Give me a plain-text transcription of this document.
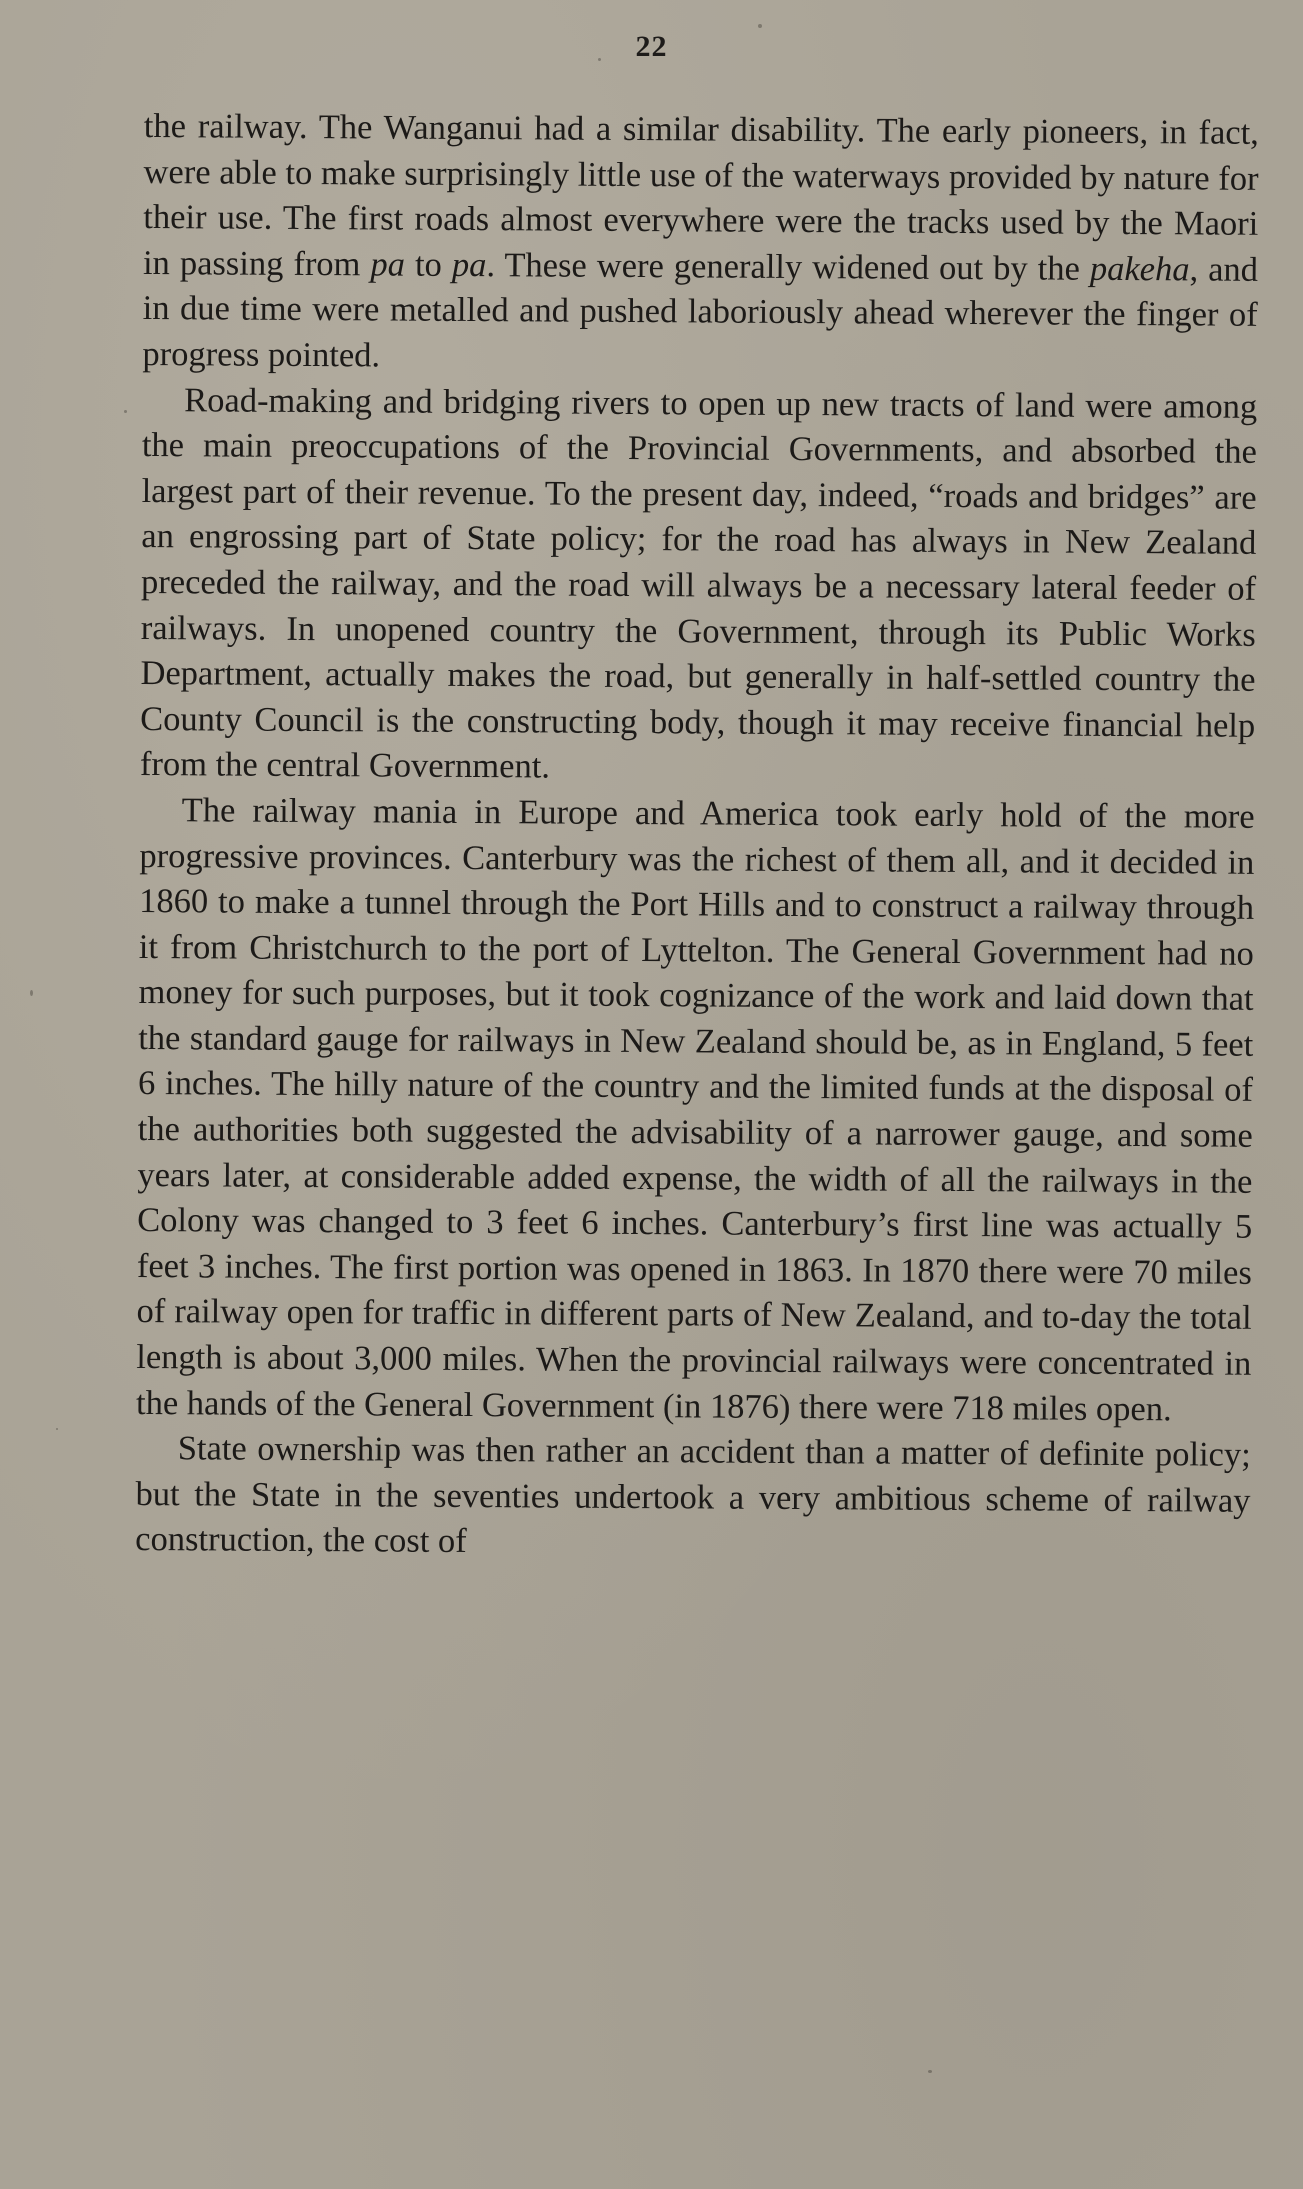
22

the railway. The Wanganui had a similar disability. The early pioneers, in fact, were able to make surprisingly little use of the waterways provided by nature for their use. The first roads almost everywhere were the tracks used by the Maori in passing from pa to pa. These were generally widened out by the pakeha, and in due time were metalled and pushed laboriously ahead wherever the finger of progress pointed.

Road-making and bridging rivers to open up new tracts of land were among the main preoccupations of the Provincial Governments, and absorbed the largest part of their revenue. To the present day, indeed, “roads and bridges” are an engrossing part of State policy; for the road has always in New Zealand preceded the railway, and the road will always be a necessary lateral feeder of railways. In unopened country the Government, through its Public Works Department, actually makes the road, but generally in half-settled country the County Council is the constructing body, though it may receive financial help from the central Government.

The railway mania in Europe and America took early hold of the more progressive provinces. Canterbury was the richest of them all, and it decided in 1860 to make a tunnel through the Port Hills and to construct a railway through it from Christchurch to the port of Lyttelton. The General Government had no money for such purposes, but it took cognizance of the work and laid down that the standard gauge for railways in New Zealand should be, as in England, 5 feet 6 inches. The hilly nature of the country and the limited funds at the disposal of the authorities both suggested the advisability of a narrower gauge, and some years later, at considerable added expense, the width of all the railways in the Colony was changed to 3 feet 6 inches. Canterbury’s first line was actually 5 feet 3 inches. The first portion was opened in 1863. In 1870 there were 70 miles of railway open for traffic in different parts of New Zealand, and to-day the total length is about 3,000 miles. When the provincial railways were concentrated in the hands of the General Government (in 1876) there were 718 miles open.

State ownership was then rather an accident than a matter of definite policy; but the State in the seventies undertook a very ambitious scheme of railway construction, the cost of
